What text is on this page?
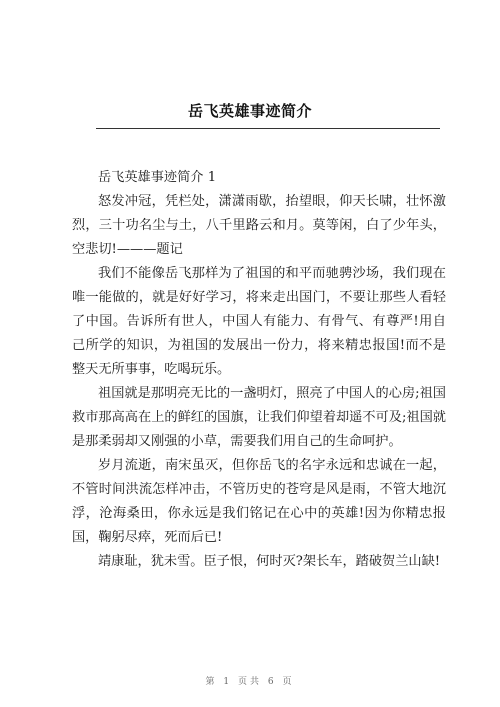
岳飞英雄事迹简介

岳飞英雄事迹简介 1

怒发冲冠，凭栏处，潇潇雨歇，抬望眼，仰天长啸，壮怀激烈，三十功名尘与土，八千里路云和月。莫等闲，白了少年头，空悲切!———题记

我们不能像岳飞那样为了祖国的和平而驰骋沙场，我们现在唯一能做的，就是好好学习，将来走出国门，不要让那些人看轻了中国。告诉所有世人，中国人有能力、有骨气、有尊严!用自己所学的知识，为祖国的发展出一份力，将来精忠报国!而不是整天无所事事，吃喝玩乐。

祖国就是那明亮无比的一盏明灯，照亮了中国人的心房;祖国救市那高高在上的鲜红的国旗，让我们仰望着却遥不可及;祖国就是那柔弱却又刚强的小草，需要我们用自己的生命呵护。

岁月流逝，南宋虽灭，但你岳飞的名字永远和忠诚在一起，不管时间洪流怎样冲击，不管历史的苍穹是风是雨，不管大地沉浮，沧海桑田，你永远是我们铭记在心中的英雄!因为你精忠报国，鞠躬尽瘁，死而后已!

靖康耻，犹未雪。臣子恨，何时灭?架长车，踏破贺兰山缺!

第 1 页共 6 页
